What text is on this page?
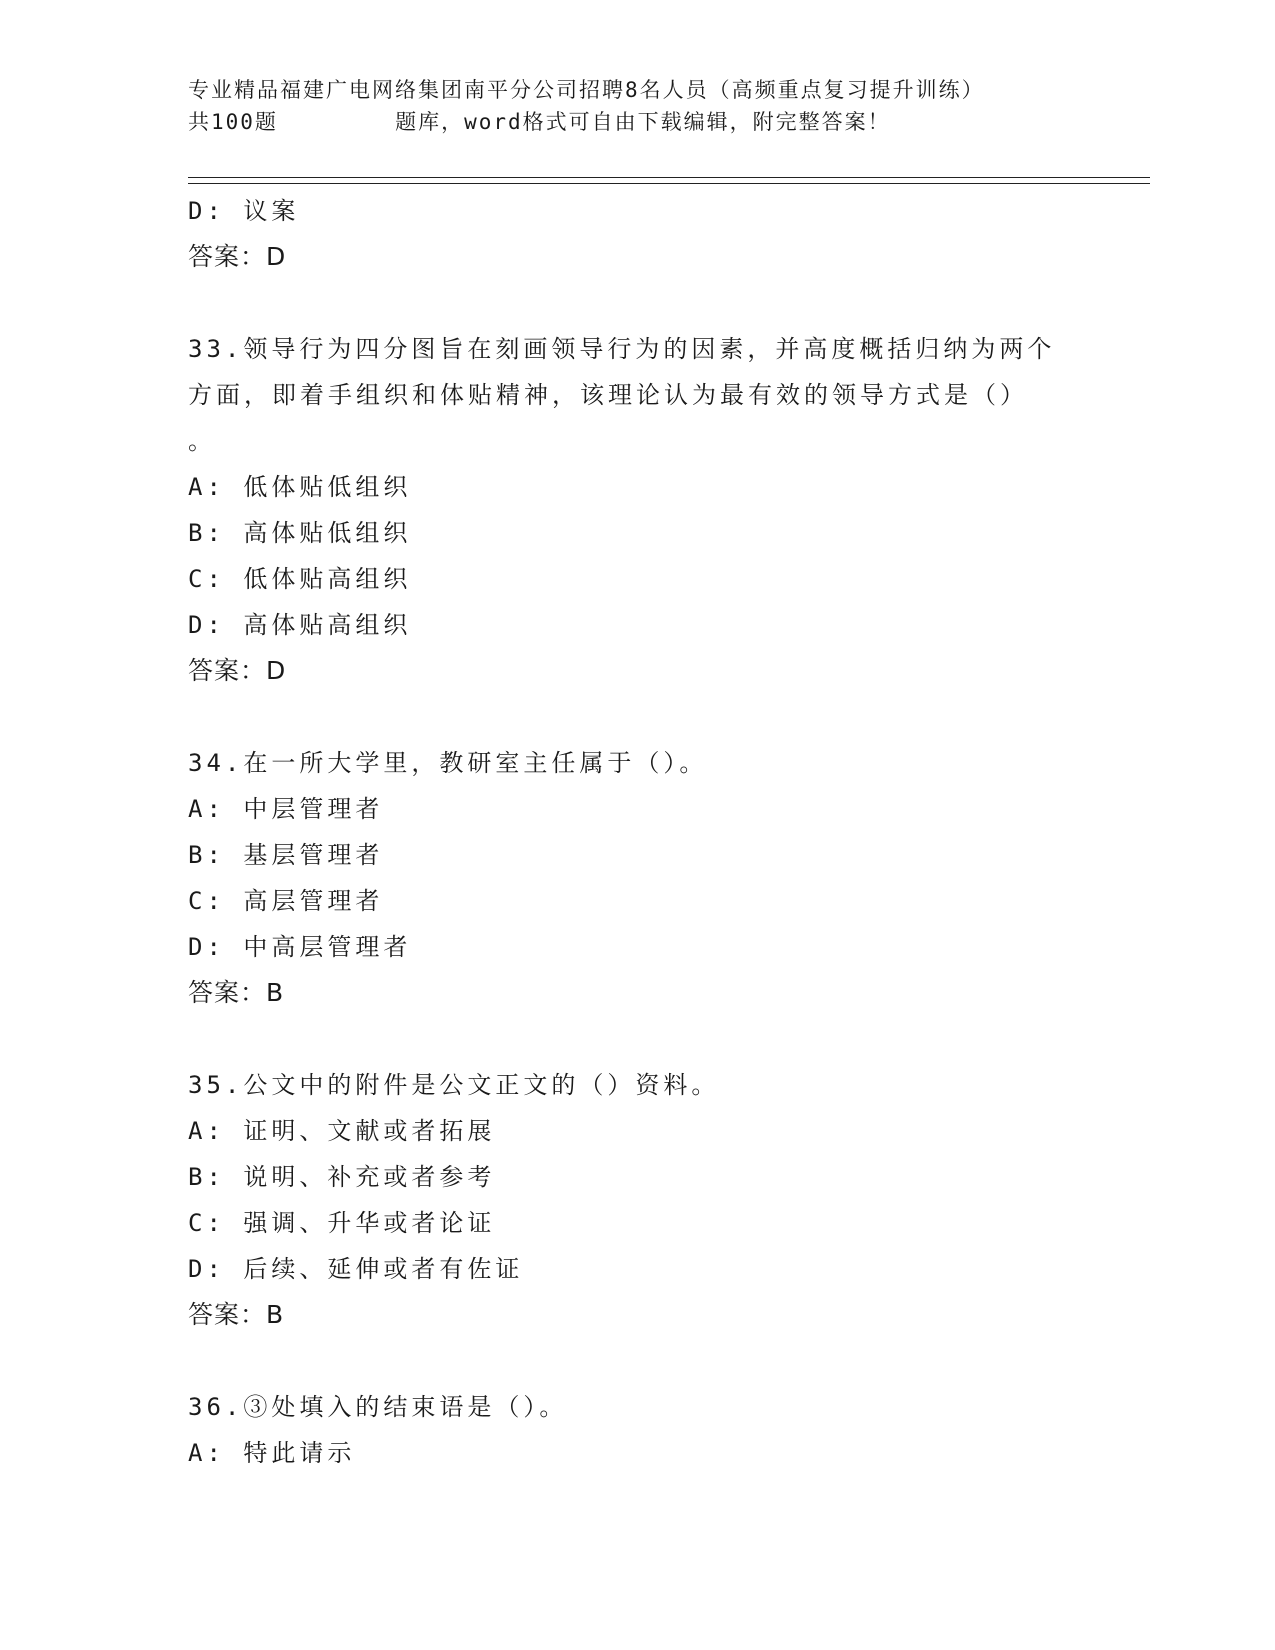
专业精品福建广电网络集团南平分公司招聘8名人员（高频重点复习提升训练）
共100题        题库，word格式可自由下载编辑，附完整答案！
D: 议案
答案：D
33.领导行为四分图旨在刻画领导行为的因素，并高度概括归纳为两个
方面，即着手组织和体贴精神，该理论认为最有效的领导方式是（）
。
A: 低体贴低组织
B: 高体贴低组织
C: 低体贴高组织
D: 高体贴高组织
答案：D
34.在一所大学里，教研室主任属于（）。
A: 中层管理者
B: 基层管理者
C: 高层管理者
D: 中高层管理者
答案：B
35.公文中的附件是公文正文的（）资料。
A: 证明、文献或者拓展
B: 说明、补充或者参考
C: 强调、升华或者论证
D: 后续、延伸或者有佐证
答案：B
36.③处填入的结束语是（）。
A: 特此请示
